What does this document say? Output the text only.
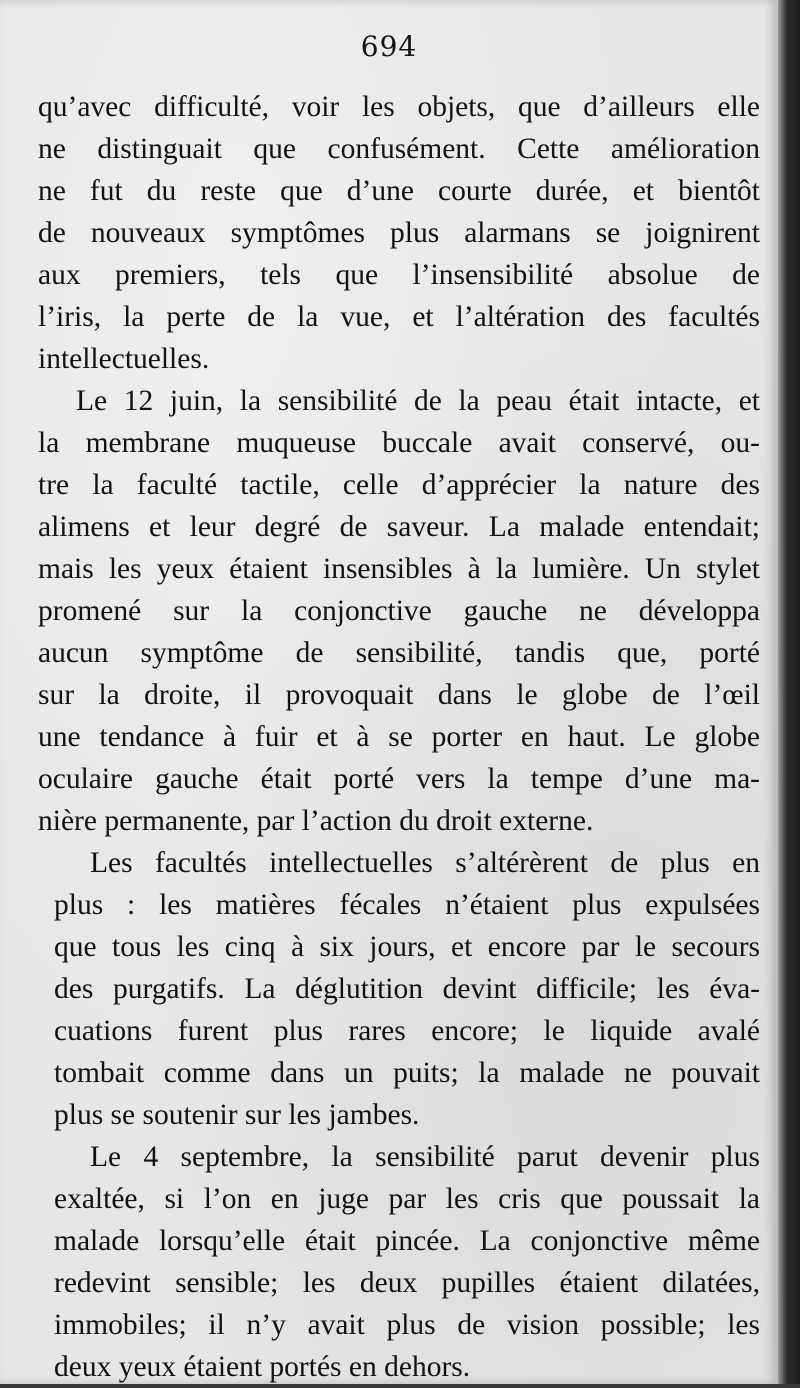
694
qu’avec difficulté, voir les objets, que d’ailleurs elle
ne distinguait que confusément. Cette amélioration
ne fut du reste que d’une courte durée, et bientôt
de nouveaux symptômes plus alarmans se joignirent
aux premiers, tels que l’insensibilité absolue de
l’iris, la perte de la vue, et l’altération des facultés
intellectuelles.
Le 12 juin, la sensibilité de la peau était intacte, et
la membrane muqueuse buccale avait conservé, ou-
tre la faculté tactile, celle d’apprécier la nature des
alimens et leur degré de saveur. La malade entendait;
mais les yeux étaient insensibles à la lumière. Un stylet
promené sur la conjonctive gauche ne développa
aucun symptôme de sensibilité, tandis que, porté
sur la droite, il provoquait dans le globe de l’œil
une tendance à fuir et à se porter en haut. Le globe
oculaire gauche était porté vers la tempe d’une ma-
nière permanente, par l’action du droit externe.
Les facultés intellectuelles s’altérèrent de plus en
plus : les matières fécales n’étaient plus expulsées
que tous les cinq à six jours, et encore par le secours
des purgatifs. La déglutition devint difficile; les éva-
cuations furent plus rares encore; le liquide avalé
tombait comme dans un puits; la malade ne pouvait
plus se soutenir sur les jambes.
Le 4 septembre, la sensibilité parut devenir plus
exaltée, si l’on en juge par les cris que poussait la
malade lorsqu’elle était pincée. La conjonctive même
redevint sensible; les deux pupilles étaient dilatées,
immobiles; il n’y avait plus de vision possible; les
deux yeux étaient portés en dehors.
